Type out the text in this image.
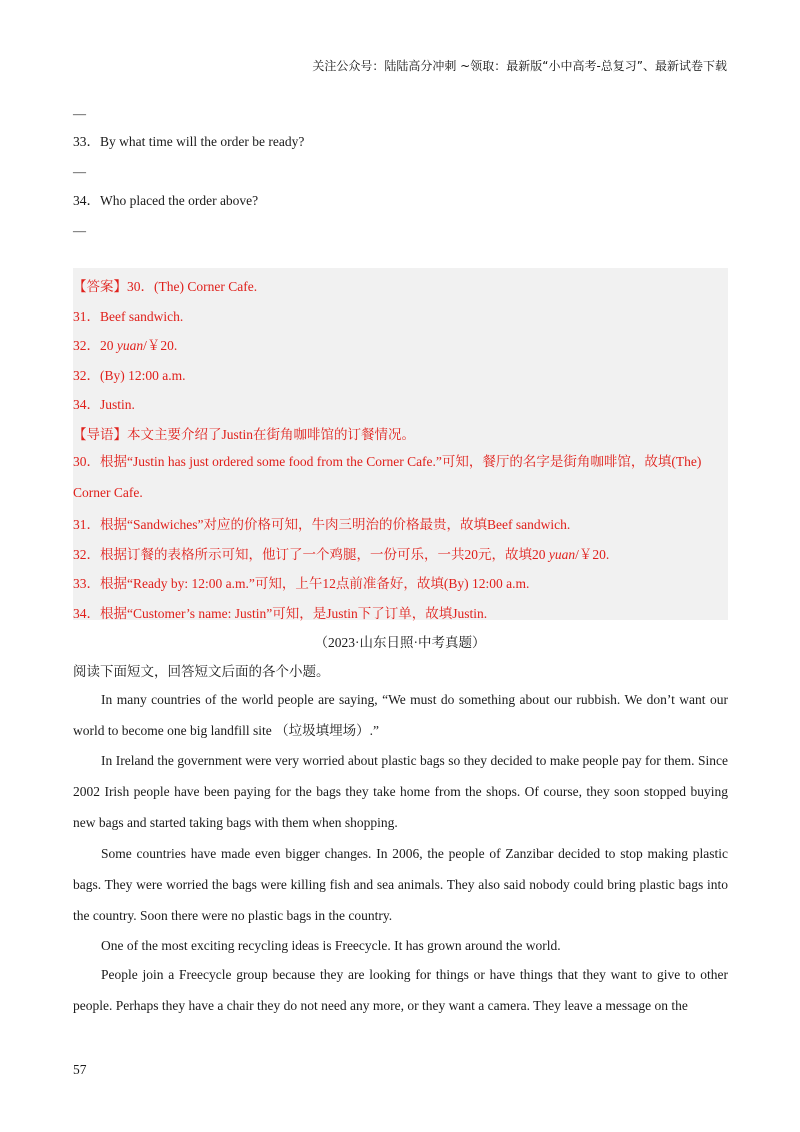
关注公众号：陆陆高分冲刺 ~领取：最新版“小中高考-总复习”、最新试卷下载
—
33．By what time will the order be ready?
—
34．Who placed the order above?
—
【答案】30．(The) Corner Cafe.
31．Beef sandwich.
32．20 yuan/￥20.
32．(By) 12:00 a.m.
34．Justin.
【导语】本文主要介绍了Justin在街角咖啡馆的订餐情况。
30．根据“Justin has just ordered some food from the Corner Cafe.”可知，餐厅的名字是街角咖啡馆，故填(The) Corner Cafe.
31．根据“Sandwiches”对应的价格可知，牛肉三明治的价格最贵，故填Beef sandwich.
32．根据订餐的表格所示可知，他订了一个鸡腿，一份可乐，一共20元，故填20 yuan/￥20.
33．根据“Ready by: 12:00 a.m.”可知，上午12点前准备好，故填(By) 12:00 a.m.
34．根据“Customer’s name: Justin”可知，是Justin下了订单，故填Justin.
（2023·山东日照·中考真题）
阅读下面短文，回答短文后面的各个小题。

In many countries of the world people are saying, “We must do something about our rubbish. We don’t want our world to become one big landfill site （垃圾填埋场）.”

In Ireland the government were very worried about plastic bags so they decided to make people pay for them. Since 2002 Irish people have been paying for the bags they take home from the shops. Of course, they soon stopped buying new bags and started taking bags with them when shopping.

Some countries have made even bigger changes. In 2006, the people of Zanzibar decided to stop making plastic bags. They were worried the bags were killing fish and sea animals. They also said nobody could bring plastic bags into the country. Soon there were no plastic bags in the country.

One of the most exciting recycling ideas is Freecycle. It has grown around the world.

People join a Freecycle group because they are looking for things or have things that they want to give to other people. Perhaps they have a chair they do not need any more, or they want a camera. They leave a message on the

57
